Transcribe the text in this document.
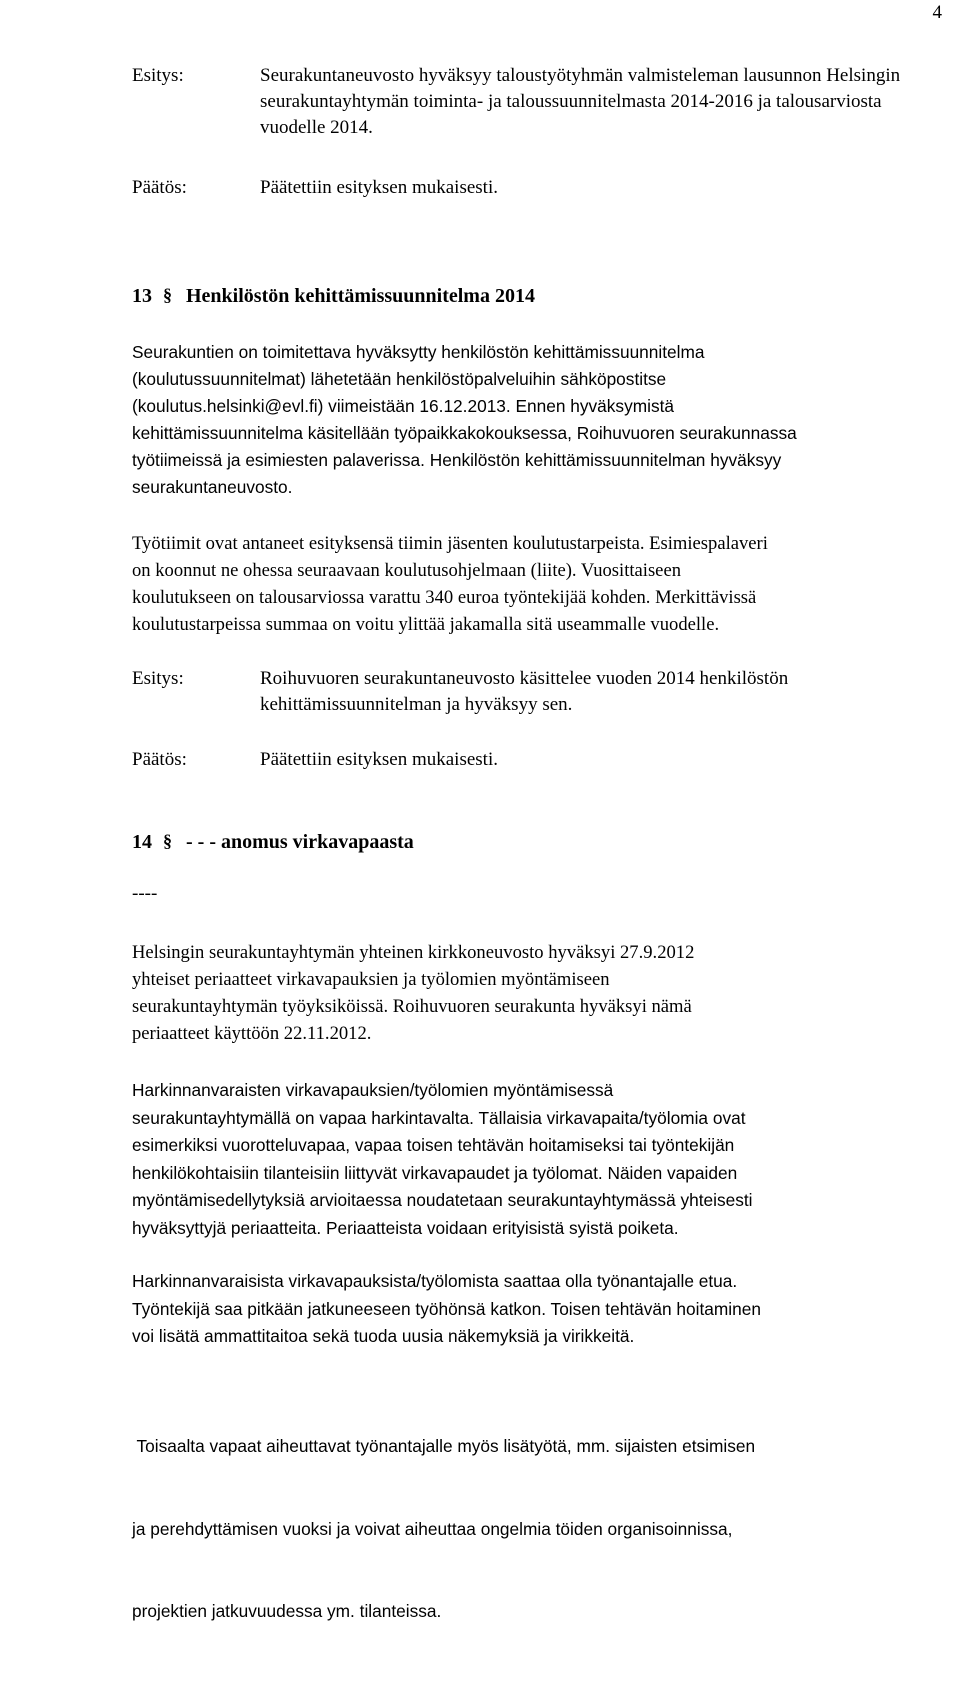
4
Esitys:	Seurakuntaneuvosto hyväksyy taloustyötyhmän valmisteleman lausunnon Helsingin seurakuntayhtymän toiminta- ja taloussuunnitelmasta 2014-2016 ja talousarviosta vuodelle 2014.
Päätös:	Päätettiin esityksen mukaisesti.
13 § Henkilöstön kehittämissuunnitelma 2014

Seurakuntien on toimitettava hyväksytty henkilöstön kehittämissuunnitelma

(koulutussuunnitelmat) lähetetään henkilöstöpalveluihin sähköpostitse

(koulutus.helsinki@evl.fi) viimeistään 16.12.2013. Ennen hyväksymistä

kehittämissuunnitelma käsitellään työpaikkakokouksessa, Roihuvuoren seurakunnassa

työtiimeissä ja esimiesten palaverissa. Henkilöstön kehittämissuunnitelman hyväksyy

seurakuntaneuvosto.

Työtiimit ovat antaneet esityksensä tiimin jäsenten koulutustarpeista. Esimiespalaveri

on koonnut ne ohessa seuraavaan koulutusohjelmaan (liite). Vuosittaiseen

koulutukseen on talousarviossa varattu 340 euroa työntekijää kohden. Merkittävissä

koulutustarpeissa summaa on voitu ylittää jakamalla sitä useammalle vuodelle.

Esitys:	Roihuvuoren seurakuntaneuvosto käsittelee vuoden 2014 henkilöstön

kehittämissuunnitelman ja hyväksyy sen.

Päätös:	Päätettiin esityksen mukaisesti.
14 § - - - anomus virkavapaasta
----

Helsingin seurakuntayhtymän yhteinen kirkkoneuvosto hyväksyi 27.9.2012

yhteiset periaatteet virkavapauksien ja työlomien myöntämiseen

seurakuntayhtymän työyksiköissä. Roihuvuoren seurakunta hyväksyi nämä

periaatteet käyttöön 22.11.2012.

Harkinnanvaraisten virkavapauksien/työlomien myöntämisessä

seurakuntayhtymällä on vapaa harkintavalta. Tällaisia virkavapaita/työlomia ovat

esimerkiksi vuorotteluvapaa, vapaa toisen tehtävän hoitamiseksi tai työntekijän

henkilökohtaisiin tilanteisiin liittyvät virkavapaudet ja työlomat. Näiden vapaiden

myöntämisedellytyksiä arvioitaessa noudatetaan seurakuntayhtymässä yhteisesti

hyväksyttyjä periaatteita. Periaatteista voidaan erityisistä syistä poiketa.

Harkinnanvaraisista virkavapauksista/työlomista saattaa olla työnantajalle etua.

Työntekijä saa pitkään jatkuneeseen työhönsä katkon. Toisen tehtävän hoitaminen

voi lisätä ammattitaitoa sekä tuoda uusia näkemyksiä ja virikkeitä.

Toisaalta vapaat aiheuttavat työnantajalle myös lisätyötä, mm. sijaisten etsimisen

ja perehdyttämisen vuoksi ja voivat aiheuttaa ongelmia töiden organisoinnissa,

projektien jatkuvuudessa ym. tilanteissa.
